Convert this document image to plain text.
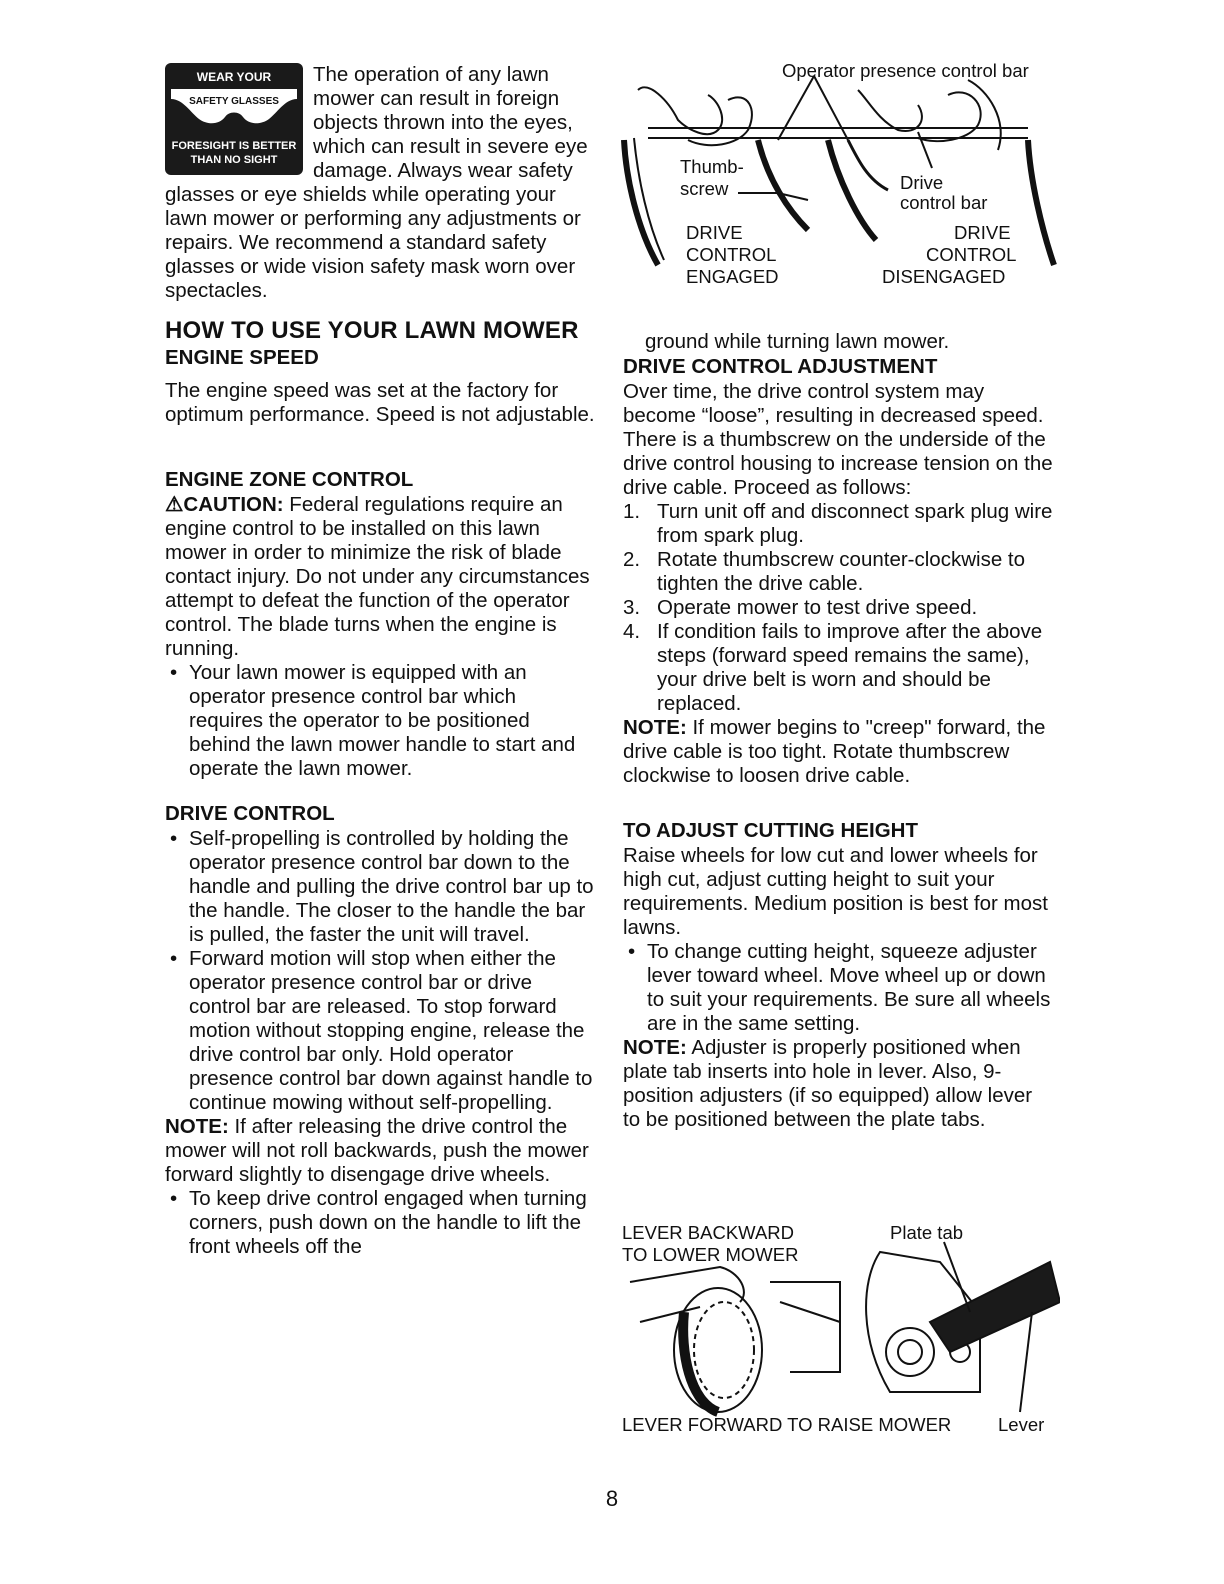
WEAR YOUR
SAFETY GLASSES
FORESIGHT IS BETTER
THAN NO SIGHT

The operation of any lawn mower can result in foreign objects thrown into the eyes, which can result in severe eye damage. Always wear safety glasses or eye shields while operating your lawn mower or performing any adjustments or repairs. We recommend a standard safety glasses or wide vision safety mask worn over spectacles.

HOW TO USE YOUR LAWN MOWER
ENGINE SPEED

The engine speed was set at the factory for optimum performance. Speed is not adjustable.

ENGINE ZONE CONTROL

⚠CAUTION: Federal regulations require an engine control to be installed on this lawn mower in order to minimize the risk of blade contact injury. Do not under any circumstances attempt to defeat the function of the operator control. The blade turns when the engine is running.

• Your lawn mower is equipped with an operator presence control bar which requires the operator to be positioned behind the lawn mower handle to start and operate the lawn mower.
DRIVE CONTROL
• Self-propelling is controlled by holding the operator presence control bar down to the handle and pulling the drive control bar up to the handle. The closer to the handle the bar is pulled, the faster the unit will travel.
• Forward motion will stop when either the operator presence control bar or drive control bar are released. To stop forward motion without stopping engine, release the drive control bar only. Hold operator presence control bar down against handle to continue mowing without self-propelling.

NOTE: If after releasing the drive control the mower will not roll backwards, push the mower forward slightly to disengage drive wheels.

• To keep drive control engaged when turning corners, push down on the handle to lift the front wheels off the
Operator presence control bar
Thumb-
screw	Drive
control bar
DRIVE
CONTROL
ENGAGED
DRIVE
CONTROL
DISENGAGED

ground while turning lawn mower.

DRIVE CONTROL ADJUSTMENT

Over time, the drive control system may become “loose”, resulting in decreased speed. There is a thumbscrew on the underside of the drive control housing to increase tension on the drive cable. Proceed as follows:

1. Turn unit off and disconnect spark plug wire from spark plug.
2. Rotate thumbscrew counter-clockwise to tighten the drive cable.
3. Operate mower to test drive speed.
4. If condition fails to improve after the above steps (forward speed remains the same), your drive belt is worn and should be replaced.

NOTE: If mower begins to "creep" forward, the drive cable is too tight. Rotate thumbscrew clockwise to loosen drive cable.

TO ADJUST CUTTING HEIGHT

Raise wheels for low cut and lower wheels for high cut, adjust cutting height to suit your requirements. Medium position is best for most lawns.

• To change cutting height, squeeze adjuster lever toward wheel. Move wheel up or down to suit your requirements. Be sure all wheels are in the same setting.

NOTE: Adjuster is properly positioned when plate tab inserts into hole in lever. Also, 9-position adjusters (if so equipped) allow lever to be positioned between the plate tabs.

LEVER BACKWARD
TO LOWER MOWER
Plate tab
LEVER FORWARD TO RAISE MOWER	Lever
8
